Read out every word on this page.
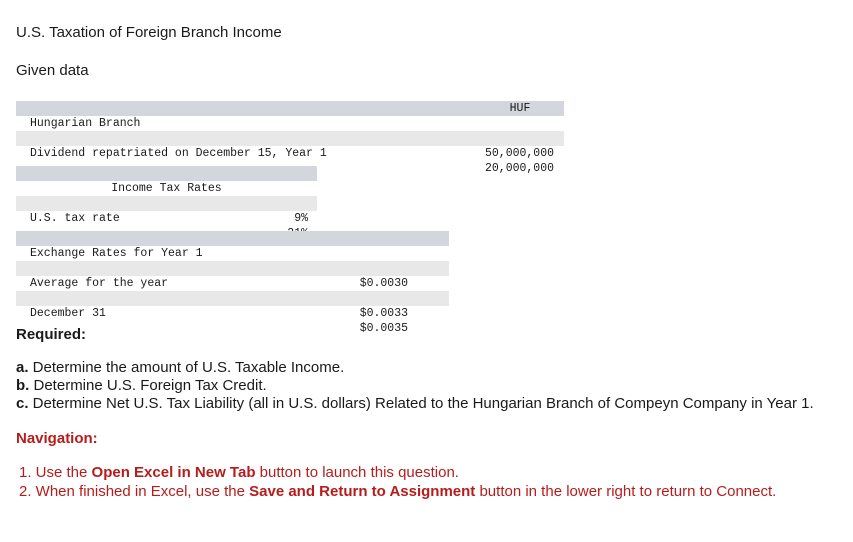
U.S. Taxation of Foreign Branch Income
Given data

Hungarian Branch

50,000,000

Dividend repatriated on December 15, Year 1

20,000,000

HUF

Income Tax Rates

9%

U.S. tax rate

Exchange Rates for Year 1

$0.0030

Average for the year

$0.0033

December 31

$0.0035

Required:
a. Determine the amount of U.S. Taxable Income.
b. Determine U.S. Foreign Tax Credit.
c. Determine Net U.S. Tax Liability (all in U.S. dollars) Related to the Hungarian Branch of Compeyn Company in Year 1.
Navigation:
1. Use the Open Excel in New Tab button to launch this question.
2. When finished in Excel, use the Save and Return to Assignment button in the lower right to return to Connect.
